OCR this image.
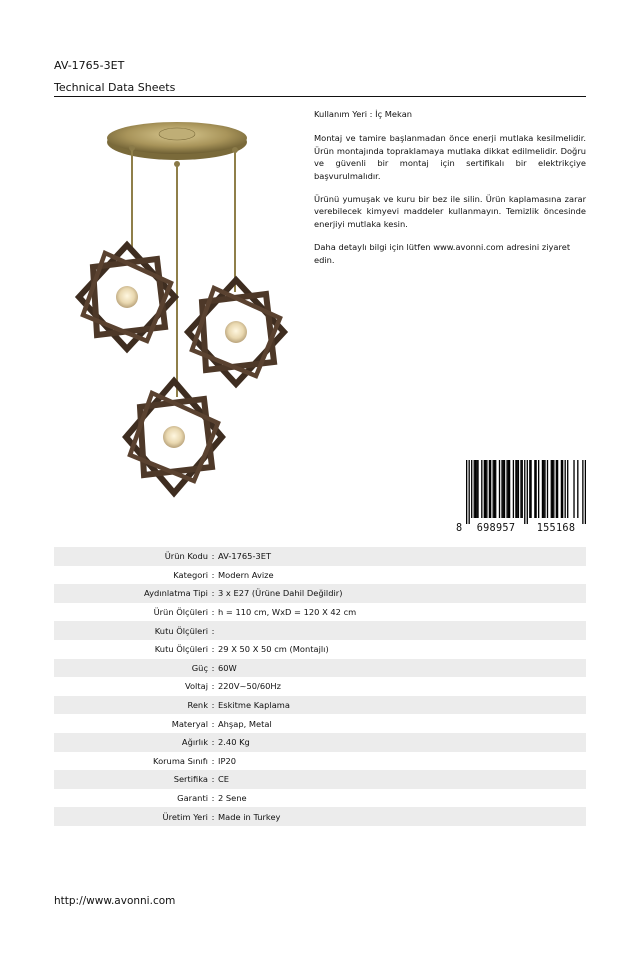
AV-1765-3ET
Technical Data Sheets

Kullanım Yeri : İç Mekan

Montaj ve tamire başlanmadan önce enerji mutlaka kesilmelidir. Ürün montajında topraklamaya mutlaka dikkat edilmelidir. Doğru ve güvenli bir montaj için sertifikalı bir elektrikçiye başvurulmalıdır.

Ürünü yumuşak ve kuru bir bez ile silin. Ürün kaplamasına zarar verebilecek kimyevi maddeler kullanmayın. Temizlik öncesinde enerjiyi mutlaka kesin.

Daha detaylı bilgi için lütfen www.avonni.com adresini ziyaret edin.

8	698957	155168
Ürün Kodu : AV-1765-3ET
Kategori : Modern Avize
Aydınlatma Tipi : 3 x E27 (Ürüne Dahil Değildir)
Ürün Ölçüleri : h = 110 cm, WxD = 120 X 42 cm
Kutu Ölçüleri :
Kutu Ölçüleri : 29 X 50 X 50 cm (Montajlı)
Güç : 60W
Voltaj : 220V~50/60Hz
Renk : Eskitme Kaplama
Materyal : Ahşap, Metal
Ağırlık : 2.40 Kg
Koruma Sınıfı : IP20
Sertifika : CE
Garanti : 2 Sene
Üretim Yeri : Made in Turkey
http://www.avonni.com
